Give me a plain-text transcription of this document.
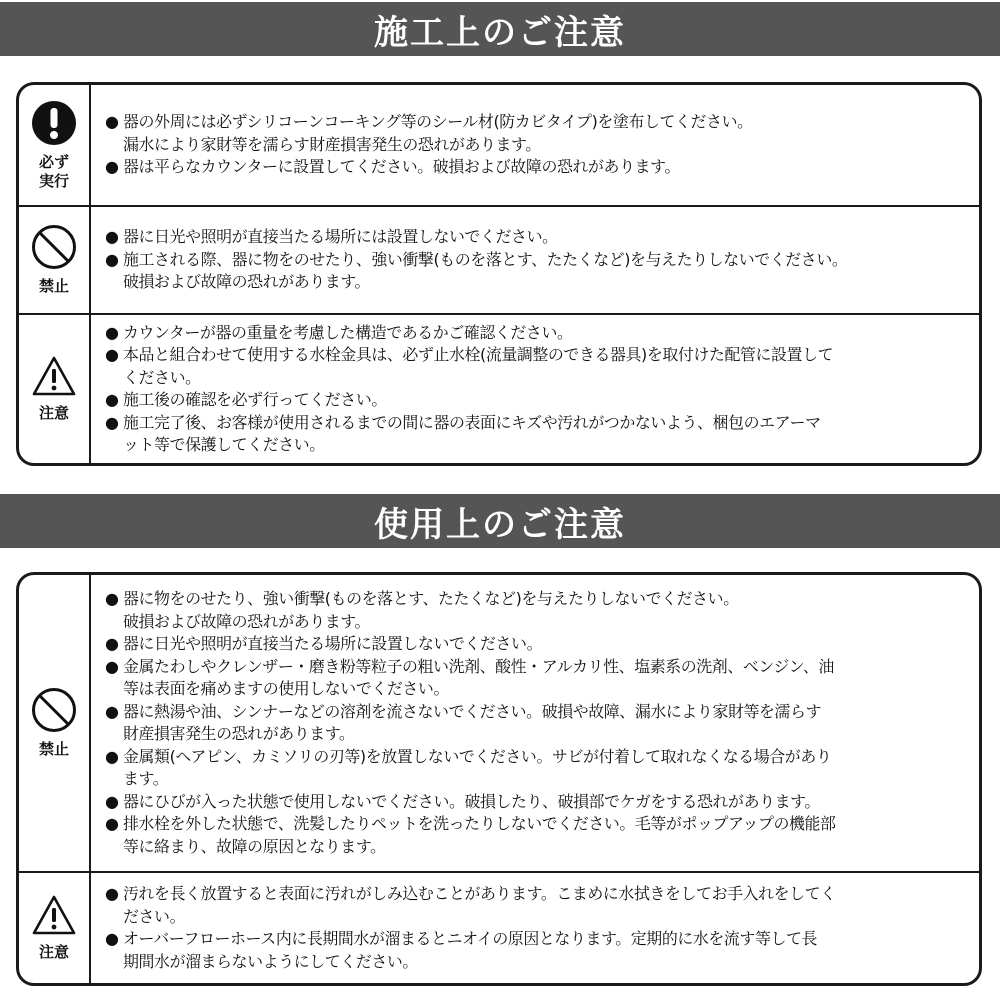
施工上のご注意
必ず
実行
● 器の外周には必ずシリコーンコーキング等のシール材(防カビタイプ)を塗布してください。
漏水により家財等を濡らす財産損害発生の恐れがあります。
● 器は平らなカウンターに設置してください。破損および故障の恐れがあります。
禁止
● 器に日光や照明が直接当たる場所には設置しないでください。
● 施工される際、器に物をのせたり、強い衝撃(ものを落とす、たたくなど)を与えたりしないでください。
破損および故障の恐れがあります。
注意
● カウンターが器の重量を考慮した構造であるかご確認ください。
● 本品と組合わせて使用する水栓金具は、必ず止水栓(流量調整のできる器具)を取付けた配管に設置して
ください。
● 施工後の確認を必ず行ってください。
● 施工完了後、お客様が使用されるまでの間に器の表面にキズや汚れがつかないよう、梱包のエアーマ
ット等で保護してください。
使用上のご注意
禁止
● 器に物をのせたり、強い衝撃(ものを落とす、たたくなど)を与えたりしないでください。
破損および故障の恐れがあります。
● 器に日光や照明が直接当たる場所に設置しないでください。
● 金属たわしやクレンザー・磨き粉等粒子の粗い洗剤、酸性・アルカリ性、塩素系の洗剤、ベンジン、油
等は表面を痛めますの使用しないでください。
● 器に熱湯や油、シンナーなどの溶剤を流さないでください。破損や故障、漏水により家財等を濡らす
財産損害発生の恐れがあります。
● 金属類(ヘアピン、カミソリの刃等)を放置しないでください。サビが付着して取れなくなる場合があり
ます。
● 器にひびが入った状態で使用しないでください。破損したり、破損部でケガをする恐れがあります。
● 排水栓を外した状態で、洗髪したりペットを洗ったりしないでください。毛等がポップアップの機能部
等に絡まり、故障の原因となります。
注意
● 汚れを長く放置すると表面に汚れがしみ込むことがあります。こまめに水拭きをしてお手入れをしてく
ださい。
● オーバーフローホース内に長期間水が溜まるとニオイの原因となります。定期的に水を流す等して長
期間水が溜まらないようにしてください。
